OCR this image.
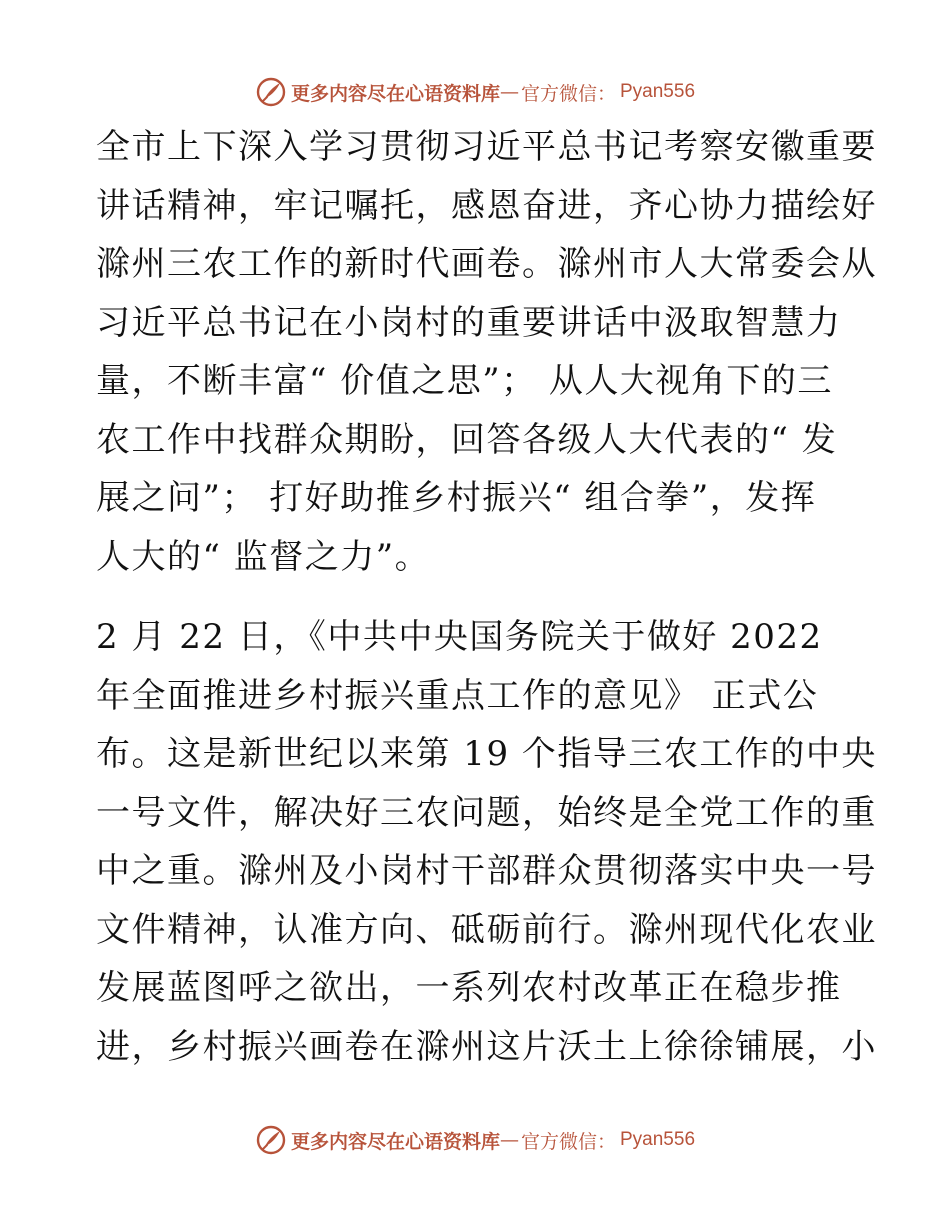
更多内容尽在心语资料库 — 官方微信： Pyan556
全市上下深入学习贯彻习近平总书记考察安徽重要
讲话精神，牢记嘱托，感恩奋进，齐心协力描绘好
滁州三农工作的新时代画卷。滁州市人大常委会从
习近平总书记在小岗村的重要讲话中汲取智慧力
量，不断丰富“ 价值之思”； 从人大视角下的三
农工作中找群众期盼，回答各级人大代表的“ 发
展之问”； 打好助推乡村振兴“ 组合拳”，发挥
人大的“ 监督之力”。
2 月 22 日，《中共中央国务院关于做好 2022
年全面推进乡村振兴重点工作的意见》 正式公
布。这是新世纪以来第 19 个指导三农工作的中央
一号文件，解决好三农问题，始终是全党工作的重
中之重。滁州及小岗村干部群众贯彻落实中央一号
文件精神，认准方向、砥砺前行。滁州现代化农业
发展蓝图呼之欲出，一系列农村改革正在稳步推
进，乡村振兴画卷在滁州这片沃土上徐徐铺展，小
更多内容尽在心语资料库 — 官方微信： Pyan556
